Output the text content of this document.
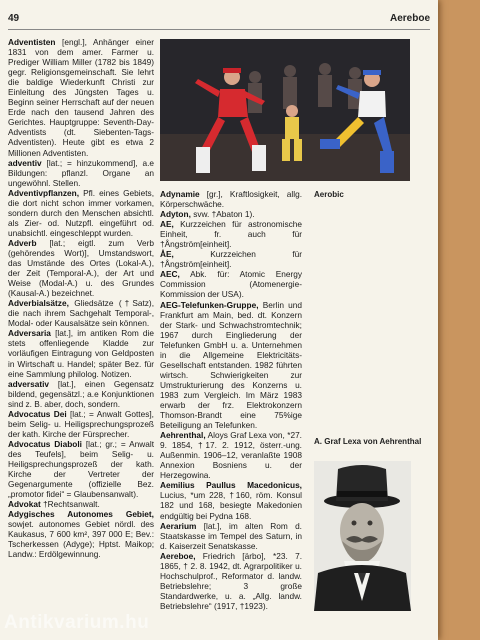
49	Aereboe

Adventisten [engl.], Anhänger einer 1831 von dem amer. Farmer u. Prediger William Miller (1782 bis 1849) gegr. Religionsgemeinschaft. Sie lehrt die baldige Wiederkunft Christi zur Einleitung des Jüngsten Tages u. Beginn seiner Herrschaft auf der neuen Erde nach den tausend Jahren des Gerichtes. Hauptgruppe: Seventh-Day-Adventists (dt. Siebenten-Tags-Adventisten). Heute gibt es etwa 2 Millionen Adventisten.

adventiv [lat.; = hinzukommend], a.e Bildungen: pflanzl. Organe an ungewöhnl. Stellen.

Adventivpflanzen, Pfl. eines Gebiets, die dort nicht schon immer vorkamen, sondern durch den Menschen absichtl. als Zier- od. Nutzpfl. eingeführt od. unabsichtl. eingeschleppt wurden.

Adverb [lat.; eigtl. zum Verb (gehörendes Wort)], Umstandswort, das Umstände des Ortes (Lokal-A.), der Zeit (Temporal-A.), der Art und Weise (Modal-A.) u. des Grundes (Kausal-A.) bezeichnet.

Adverbialsätze, Gliedsätze (†Satz), die nach ihrem Sachgehalt Temporal-, Modal- oder Kausalsätze sein können.

Adversaria [lat.], im antiken Rom die stets offenliegende Kladde zur vorläufigen Eintragung von Geldposten in Wirtschaft u. Handel; später Bez. für eine Sammlung philolog. Notizen.

adversativ [lat.], einen Gegensatz bildend, gegensätzl.; a.e Konjunktionen sind z. B. aber, doch, sondern.

Advocatus Dei [lat.; = Anwalt Gottes], beim Selig- u. Heiligsprechungsprozeß der kath. Kirche der Fürsprecher.

Advocatus Diaboli [lat.; gr.; = Anwalt des Teufels], beim Selig- u. Heiligsprechungsprozeß der kath. Kirche der Vertreter der Gegenargumente (offizielle Bez. „promotor fidei“ = Glaubensanwalt).

Advokat †Rechtsanwalt.

Adygisches Autonomes Gebiet, sowjet. autonomes Gebiet nördl. des Kaukasus, 7 600 km², 397 000 E; Bev.: Tscherkessen (Adyge); Hptst. Maikop; Landw.: Erdölgewinnung.

Aerobic

Adynamie [gr.], Kraftlosigkeit, allg. Körperschwäche.

Adyton, svw. †Abaton 1).

AE, Kurzzeichen für astronomische Einheit, fr. auch für †Ångström[einheit].

ÅE, Kurzzeichen für †Ångström[einheit].

AEC, Abk. für: Atomic Energy Commission (Atomenergie-Kommission der USA).

AEG-Telefunken-Gruppe, Berlin und Frankfurt am Main, bed. dt. Konzern der Stark- und Schwachstromtechnik; 1967 durch Eingliederung der Telefunken GmbH u. a. Unternehmen in die Allgemeine Elektricitäts-Gesellschaft entstanden. 1982 führten wirtsch. Schwierigkeiten zur Umstrukturierung des Konzerns u. 1983 zum Vergleich. Im März 1983 erwarb der frz. Elektrokonzern Thomson-Brandt eine 75%ige Beteiligung an Telefunken.

Aehrenthal, Aloys Graf Lexa von, *27. 9. 1854, †17. 2. 1912, österr.-ung. Außenmin. 1906–12, veranlaßte 1908 Annexion Bosniens u. der Herzegowina.

Aemilius Paullus Macedonicus, Lucius, *um 228, †160, röm. Konsul 182 und 168, besiegte Makedonien endgültig bei Pydna 168.

Aerarium [lat.], im alten Rom d. Staatskasse im Tempel des Saturn, in d. Kaiserzeit Senatskasse.

Aereboe, Friedrich [ärbo], *23. 7. 1865, † 2. 8. 1942, dt. Agrarpolitiker u. Hochschulprof., Reformator d. landw. Betriebslehre; 3 große Standardwerke, u. a. „Allg. landw. Betriebslehre“ (1917, †1923).

A. Graf Lexa von Aehrenthal
Antikvarium.hu
